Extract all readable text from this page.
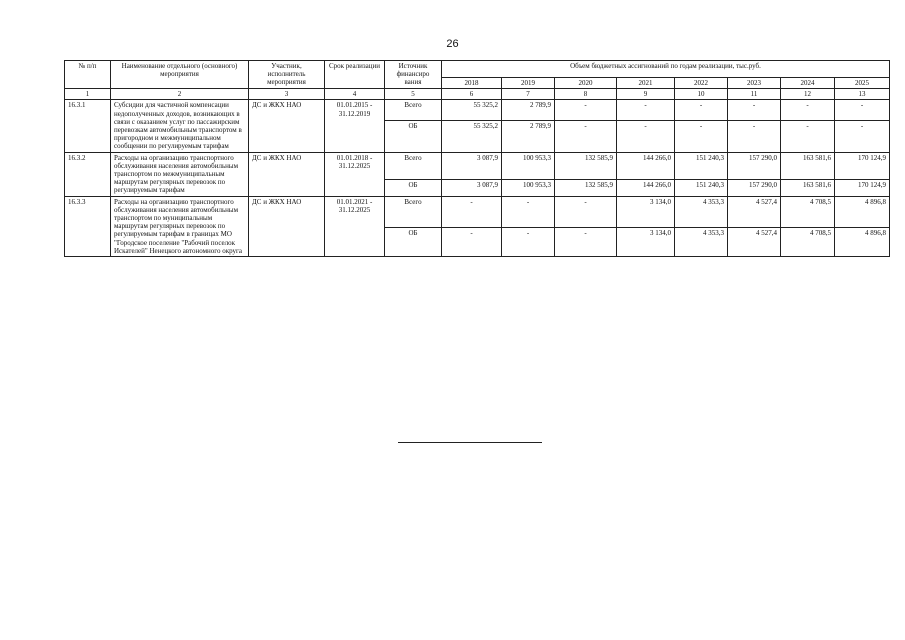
26
№ п/п	Наименование отдельного (основного) мероприятия	Участник, исполнитель мероприятия	Срок реализации	Источник финансиро вания	Объем бюджетных ассигнований по годам реализации, тыс.руб.							
					2018	2019	2020	2021	2022	2023	2024	2025
1	2	3	4	5	6	7	8	9	10	11	12	13
16.3.1	Субсидии для частичной компенсации недополученных доходов, возникающих в связи с оказанием услуг по пассажирским перевозкам автомобильным транспортом в пригородном и межмуниципальном сообщении по регулируемым тарифам	ДС и ЖКХ НАО	01.01.2015 - 31.12.2019	Всего	55 325,2	2 789,9	-	-	-	-	-	-
				ОБ	55 325,2	2 789,9	-	-	-	-	-	-
16.3.2	Расходы на организацию транспортного обслуживания населения автомобильным транспортом по межмуниципальным маршрутам регулярных перевозок по регулируемым тарифам	ДС и ЖКХ НАО	01.01.2018 - 31.12.2025	Всего	3 087,9	100 953,3	132 585,9	144 266,0	151 240,3	157 290,0	163 581,6	170 124,9
				ОБ	3 087,9	100 953,3	132 585,9	144 266,0	151 240,3	157 290,0	163 581,6	170 124,9
16.3.3	Расходы на организацию транспортного обслуживания населения автомобильным транспортом по муниципальным маршрутам регулярных перевозок по регулируемым тарифам в границах МО "Городское поселение "Рабочий поселок Искателей" Ненецкого автономного округа	ДС и ЖКХ НАО	01.01.2021 - 31.12.2025	Всего	-	-	-	3 134,0	4 353,3	4 527,4	4 708,5	4 896,8
				ОБ	-	-	-	3 134,0	4 353,3	4 527,4	4 708,5	4 896,8
